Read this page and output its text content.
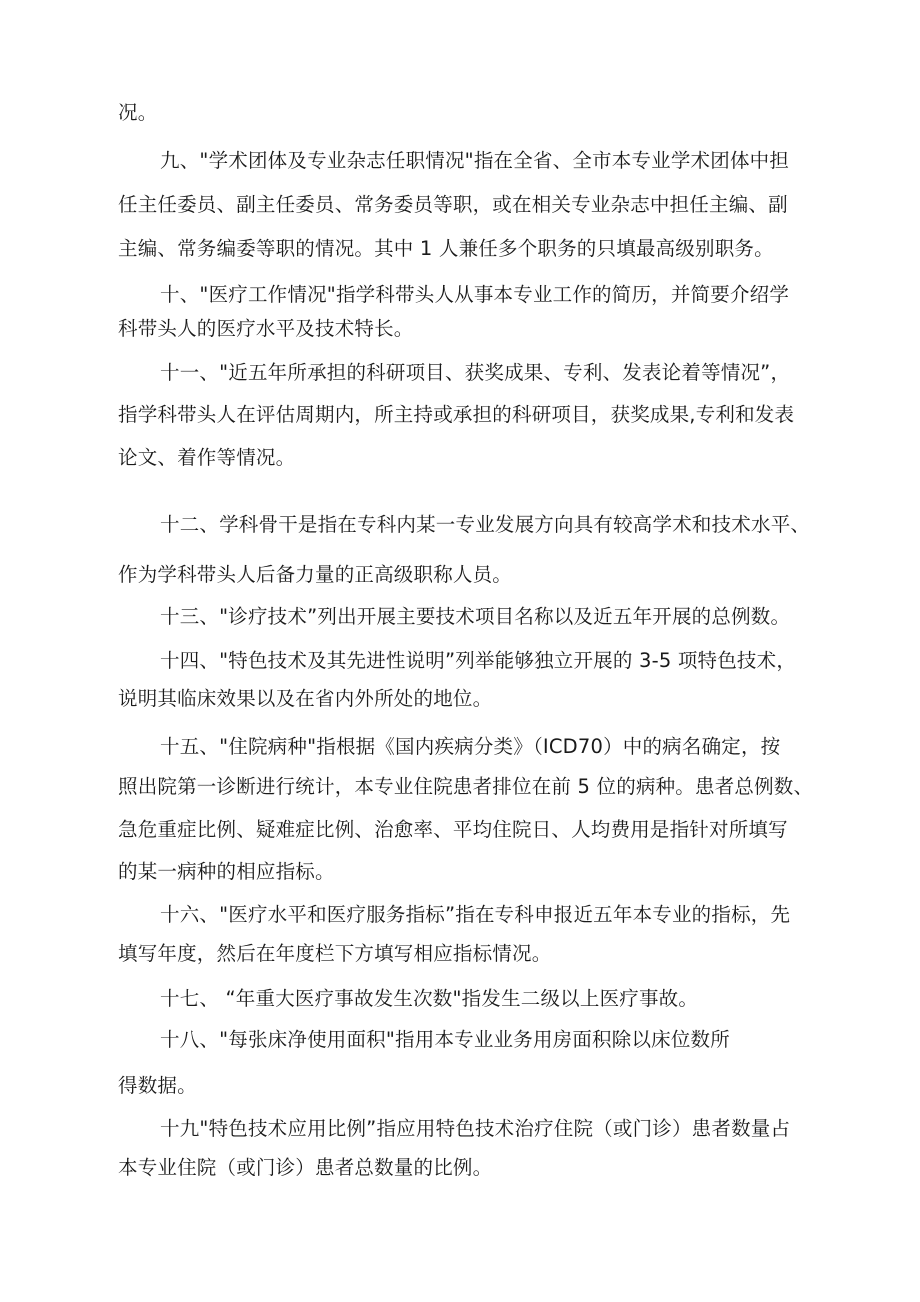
况。
九、"学术团体及专业杂志任职情况"指在全省、全市本专业学术团体中担
任主任委员、副主任委员、常务委员等职，或在相关专业杂志中担任主编、副
主编、常务编委等职的情况。其中 1 人兼任多个职务的只填最高级别职务。
十、"医疗工作情况"指学科带头人从事本专业工作的简历，并简要介绍学
科带头人的医疗水平及技术特长。
十一、"近五年所承担的科研项目、获奖成果、专利、发表论着等情况”，
指学科带头人在评估周期内，所主持或承担的科研项目，获奖成果,专利和发表
论文、着作等情况。
十二、学科骨干是指在专科内某一专业发展方向具有较高学术和技术水平、
作为学科带头人后备力量的正高级职称人员。
十三、"诊疗技术”列出开展主要技术项目名称以及近五年开展的总例数。
十四、"特色技术及其先进性说明”列举能够独立开展的 3-5 项特色技术，
说明其临床效果以及在省内外所处的地位。
十五、"住院病种"指根据《国内疾病分类》（ICD70）中的病名确定，按
照出院第一诊断进行统计，本专业住院患者排位在前 5 位的病种。患者总例数、
急危重症比例、疑难症比例、治愈率、平均住院日、人均费用是指针对所填写
的某一病种的相应指标。
十六、"医疗水平和医疗服务指标”指在专科申报近五年本专业的指标，先
填写年度，然后在年度栏下方填写相应指标情况。
十七、 “年重大医疗事故发生次数"指发生二级以上医疗事故。
十八、"每张床净使用面积"指用本专业业务用房面积除以床位数所
得数据。
十九"特色技术应用比例”指应用特色技术治疗住院（或门诊）患者数量占
本专业住院（或门诊）患者总数量的比例。
